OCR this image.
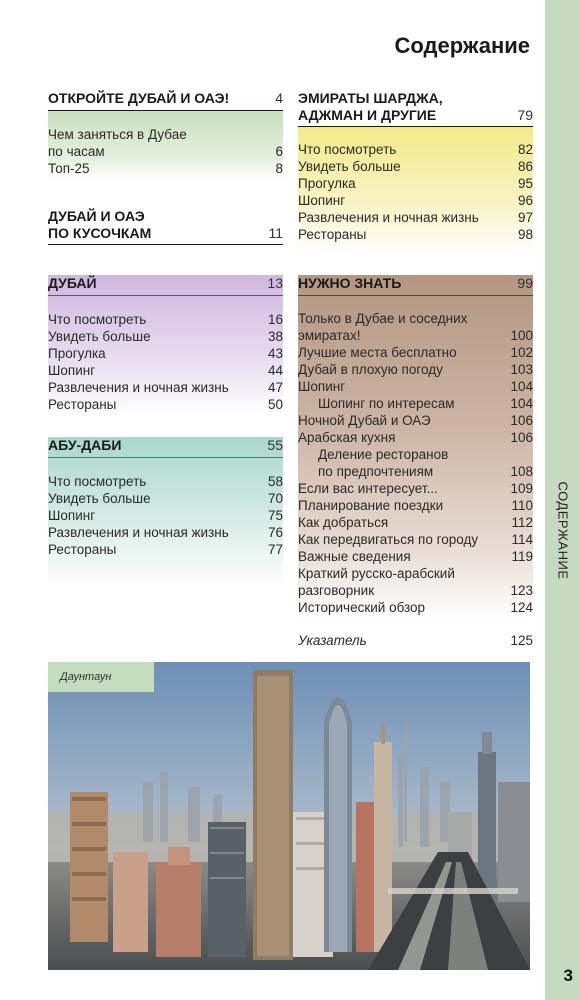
СОДЕРЖАНИЕ
3
Содержание
ОТКРОЙТЕ ДУБАЙ И ОАЭ!	4
Чем заняться в Дубае
по часам	6
Топ-25	8
ДУБАЙ И ОАЭ
ПО КУСОЧКАМ	11
ДУБАЙ	13
Что посмотреть	16
Увидеть больше	38
Прогулка	43
Шопинг	44
Развлечения и ночная жизнь	47
Рестораны	50
АБУ-ДАБИ	55
Что посмотреть	58
Увидеть больше	70
Шопинг	75
Развлечения и ночная жизнь	76
Рестораны	77
ЭМИРАТЫ ШАРДЖА,
АДЖМАН И ДРУГИЕ	79
Что посмотреть	82
Увидеть больше	86
Прогулка	95
Шопинг	96
Развлечения и ночная жизнь	97
Рестораны	98
НУЖНО ЗНАТЬ	99
Только в Дубае и соседних
эмиратах!	100
Лучшие места бесплатно	102
Дубай в плохую погоду	103
Шопинг	104
Шопинг по интересам	104
Ночной Дубай и ОАЭ	106
Арабская кухня	106
Деление ресторанов
по предпочтениям	108
Если вас интересует...	109
Планирование поездки	110
Как добраться	112
Как передвигаться по городу	114
Важные сведения	119
Краткий русско-арабский
разговорник	123
Исторический обзор	124
Указатель	125
Даунтаун
